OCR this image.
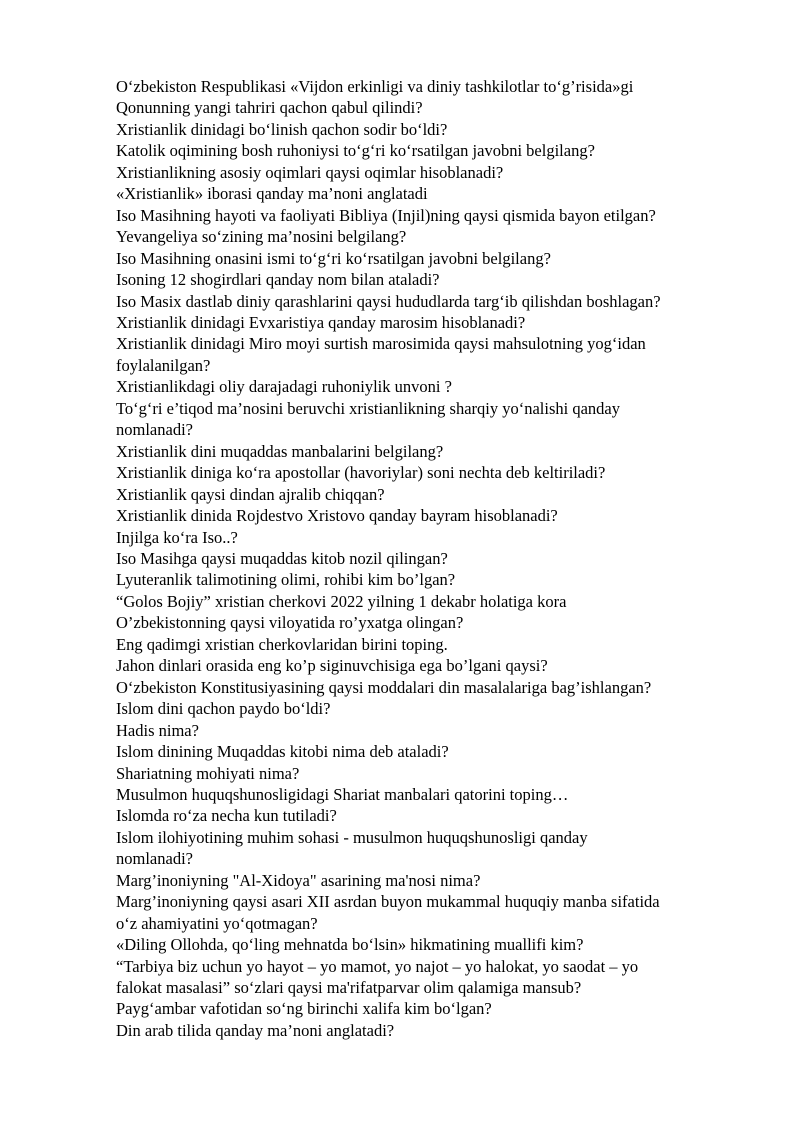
O‘zbekiston Respublikasi «Vijdon erkinligi va diniy tashkilotlar to‘g’risida»gi
Qonunning yangi tahriri qachon qabul qilindi?
Xristianlik dinidagi bo‘linish qachon sodir bo‘ldi?
Katolik oqimining bosh ruhoniysi to‘g‘ri ko‘rsatilgan javobni belgilang?
Xristianlikning asosiy oqimlari qaysi oqimlar hisoblanadi?
«Xristianlik» iborasi qanday ma’noni anglatadi
Iso Masihning hayoti va faoliyati Bibliya (Injil)ning qaysi qismida bayon etilgan?
Yevangeliya so‘zining ma’nosini belgilang?
Iso Masihning onasini ismi to‘g‘ri ko‘rsatilgan javobni belgilang?
Isoning 12 shogirdlari qanday nom bilan ataladi?
Iso Masix dastlab diniy qarashlarini qaysi hududlarda targ‘ib qilishdan boshlagan?
Xristianlik dinidagi Evxaristiya qanday marosim hisoblanadi?
Xristianlik dinidagi Miro moyi surtish marosimida qaysi mahsulotning yog‘idan
foylalanilgan?
Xristianlikdagi oliy darajadagi ruhoniylik unvoni ?
To‘g‘ri e’tiqod ma’nosini beruvchi xristianlikning sharqiy yo‘nalishi qanday
nomlanadi?
Xristianlik dini muqaddas manbalarini belgilang?
Xristianlik diniga ko‘ra apostollar (havoriylar) soni nechta deb keltiriladi?
Xristianlik qaysi dindan ajralib chiqqan?
Xristianlik dinida Rojdestvo Xristovo qanday bayram hisoblanadi?
Injilga ko‘ra Iso..?
Iso Masihga qaysi muqaddas kitob nozil qilingan?
Lyuteranlik talimotining olimi, rohibi kim bo’lgan?
“Golos Bojiy” xristian cherkovi 2022 yilning 1 dekabr holatiga kora
O’zbekistonning qaysi viloyatida ro’yxatga olingan?
Eng qadimgi xristian cherkovlaridan birini toping.
Jahon dinlari orasida eng ko’p siginuvchisiga ega bo’lgani qaysi?
O‘zbekiston Konstitusiyasining qaysi moddalari din masalalariga bag’ishlangan?
Islom dini qachon paydo bo‘ldi?
Hadis nima?
Islom dinining Muqaddas kitobi nima deb ataladi?
Shariatning mohiyati nima?
Musulmon huquqshunosligidagi Shariat manbalari qatorini toping…
Islomda ro‘za necha kun tutiladi?
Islom ilohiyotining muhim sohasi - musulmon huquqshunosligi qanday
nomlanadi?
Marg’inoniyning "Al-Xidoya" asarining ma'nosi nima?
Marg’inoniyning qaysi asari XII asrdan buyon mukammal huquqiy manba sifatida
o‘z ahamiyatini yo‘qotmagan?
«Diling Ollohda, qo‘ling mehnatda bo‘lsin» hikmatining muallifi kim?
“Tarbiya biz uchun yo hayot – yo mamot, yo najot – yo halokat, yo saodat – yo
falokat masalasi” so‘zlari qaysi ma'rifatparvar olim qalamiga mansub?
Payg‘ambar vafotidan so‘ng birinchi xalifa kim bo‘lgan?
Din arab tilida qanday ma’noni anglatadi?
